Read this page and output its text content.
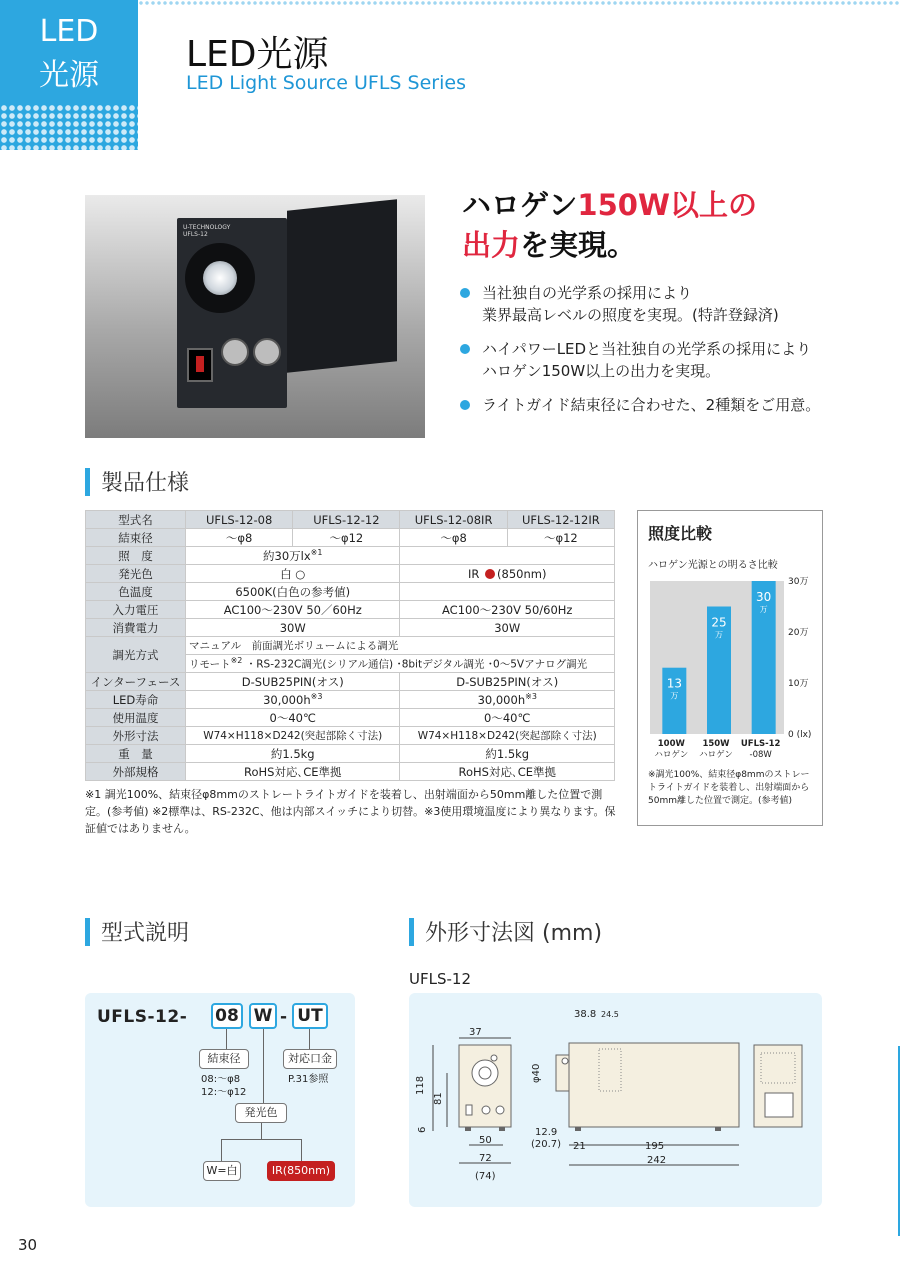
LED
光源
LED光源
LED Light Source UFLS Series
U-TECHNOLOGY
UFLS-12
ハロゲン150W以上の
出力を実現。
当社独自の光学系の採用により
業界最高レベルの照度を実現。(特許登録済)
ハイパワーLEDと当社独自の光学系の採用により
ハロゲン150W以上の出力を実現。
ライトガイド結束径に合わせた、2種類をご用意。
製品仕様
型式名	UFLS-12-08	UFLS-12-12	UFLS-12-08IR	UFLS-12-12IR
結束径	～φ8	～φ12	～φ8	～φ12
照　度	約30万$lx^{※1}$	
発光色	白 ○		IR (850nm)	
色温度	6500K(白色の参考値)			
入力電圧	AC100～230V 50／60Hz		AC100～230V 50/60Hz	
消費電力	30W		30W	
調光方式	マニュアル　前面調光ボリュームによる調光			
	リモート$^{※2}$ ・RS-232C調光(シリアル通信) ･8bitデジタル調光 ･0～5Vアナログ調光			
インターフェース	D-SUB25PIN(オス)		D-SUB25PIN(オス)	
LED寿命	$30,000h^{※3}$		$30,000h^{※3}$
使用温度	0～40℃		0～40℃	
外形寸法	W74×H118×D242(突起部除く寸法)		W74×H118×D242(突起部除く寸法)	
重　量	約1.5kg		約1.5kg	
外部規格	RoHS対応､CE準拠		RoHS対応､CE準拠	
※1 調光100%、結束径φ8mmのストレートライトガイドを装着し、出射端面から50mm離した位置で測定。(参考値) ※2標準は、RS-232C、他は内部スイッチにより切替。※3使用環境温度により異なります。保証値ではありません。
照度比較
ハロゲン光源との明るさ比較
0 (lx)
10万
20万
30万
13
万
100W
ハロゲン
25
万
150W
ハロゲン
30
万
UFLS-12
-08W
※調光100%、結束径φ8mmのストレートライトガイドを装着し、出射端面から50mm離した位置で測定。(参考値)
型式説明
UFLS-12- 08 W - UT
結束径
08:～φ8
12:～φ12
対応口金
P.31参照
発光色
W=白	IR(850nm)
外形寸法図 (mm)
UFLS-12
37
118
81
6
50
72
(74)
38.8 24.5
φ40
12.9
(20.7) 21	195
242
30
